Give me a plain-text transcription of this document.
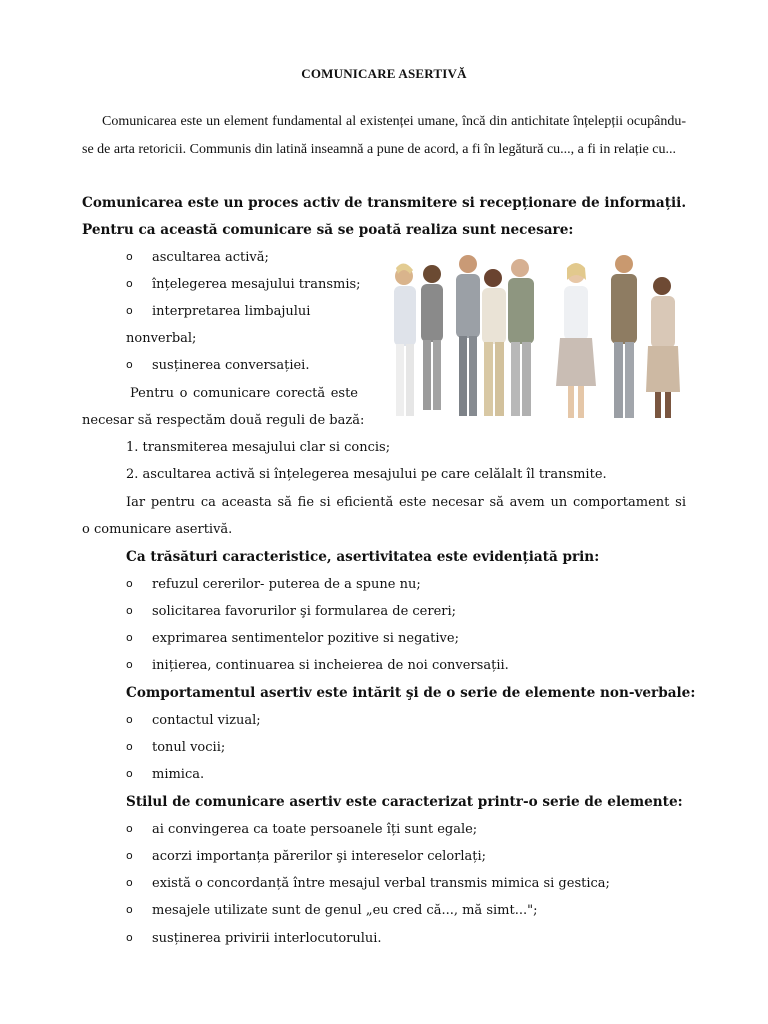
COMUNICARE ASERTIVĂ
Comunicarea este un element fundamental al existenței umane, încă din antichitate înțelepții ocupându-se de arta retoricii. Communis din latină inseamnă a pune de acord, a fi în legătură cu..., a fi in relație cu...
Comunicarea este un proces activ de transmitere si recepționare de informații.
Pentru ca această comunicare să se poată realiza sunt necesare:
o ascultarea activă;
o înțelegerea mesajului transmis;
o interpretarea limbajului
nonverbal;
o susținerea conversației.
Pentru o comunicare corectă este
necesar să respectăm două reguli de bază:
1. transmiterea mesajului clar si concis;
2. ascultarea activă si înțelegerea mesajului pe care celălalt îl transmite.
Iar pentru ca aceasta să fie si eficientă este necesar să avem un comportament si
o comunicare asertivă.
Ca trăsături caracteristice, asertivitatea este evidențiată prin:
o refuzul cererilor- puterea de a spune nu;
o solicitarea favorurilor şi formularea de cereri;
o exprimarea sentimentelor pozitive si negative;
o inițierea, continuarea si incheierea de noi conversații.
Comportamentul asertiv este intărit şi de o serie de elemente non-verbale:
o contactul vizual;
o tonul vocii;
o mimica.
Stilul de comunicare asertiv este caracterizat printr-o serie de elemente:
o ai convingerea ca toate persoanele îți sunt egale;
o acorzi importanța părerilor şi intereselor celorlați;
o există o concordanță între mesajul verbal transmis mimica si gestica;
o mesajele utilizate sunt de genul „eu cred că..., mă simt...";
o susținerea privirii interlocutorului.
